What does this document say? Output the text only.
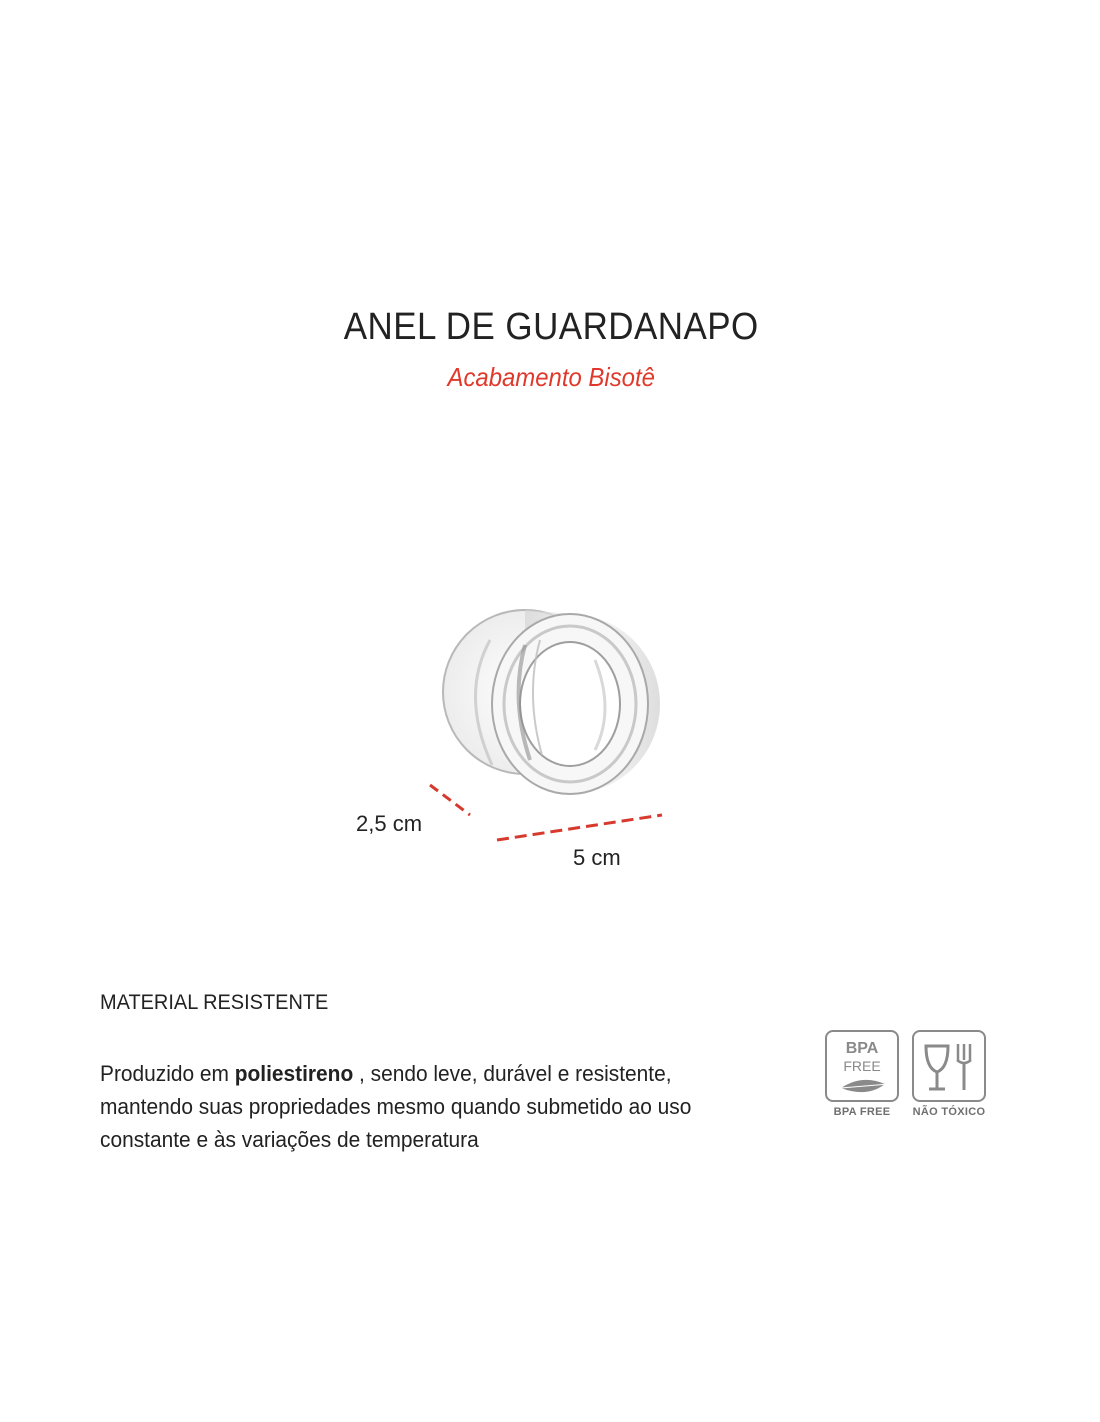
ANEL DE GUARDANAPO
Acabamento Bisotê
2,5 cm
5 cm
MATERIAL RESISTENTE
Produzido em poliestireno , sendo leve, durável e resistente, mantendo suas propriedades mesmo quando submetido ao uso constante e às variações de temperatura
BPA
FREE
BPA FREE	NÃO TÓXICO
